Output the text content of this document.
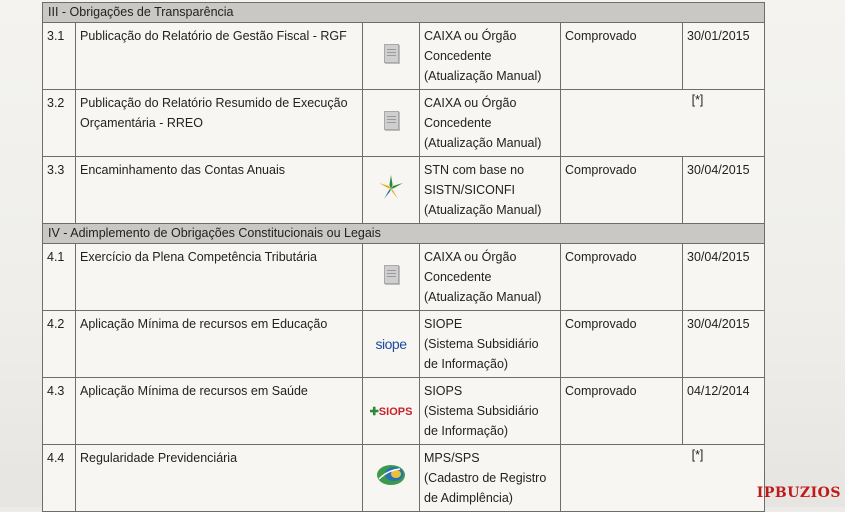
III - Obrigações de Transparência					
3.1	Publicação do Relatório de Gestão Fiscal - RGF		CAIXA ou Órgão
Concedente
(Atualização Manual)	Comprovado	30/01/2015
3.2	Publicação do Relatório Resumido de Execução Orçamentária - RREO		CAIXA ou Órgão
Concedente
(Atualização Manual)	[*]	

3.3	Encaminhamento das Contas Anuais		STN com base no
SISTN/SICONFI
(Atualização Manual)	Comprovado	30/04/2015
IV - Adimplemento de Obrigações Constitucionais ou Legais					
4.1	Exercício da Plena Competência Tributária		CAIXA ou Órgão
Concedente
(Atualização Manual)	Comprovado	30/04/2015
4.2	Aplicação Mínima de recursos em Educação	siope	SIOPE
(Sistema Subsidiário
de Informação)	Comprovado	30/04/2015
4.3	Aplicação Mínima de recursos em Saúde	✚SIOPS	SIOPS
(Sistema Subsidiário
de Informação)	Comprovado	04/12/2014
4.4	Regularidade Previdenciária		MPS/SPS
(Cadastro de Registro
de Adimplência)	[*]	
IPBUZIOS
